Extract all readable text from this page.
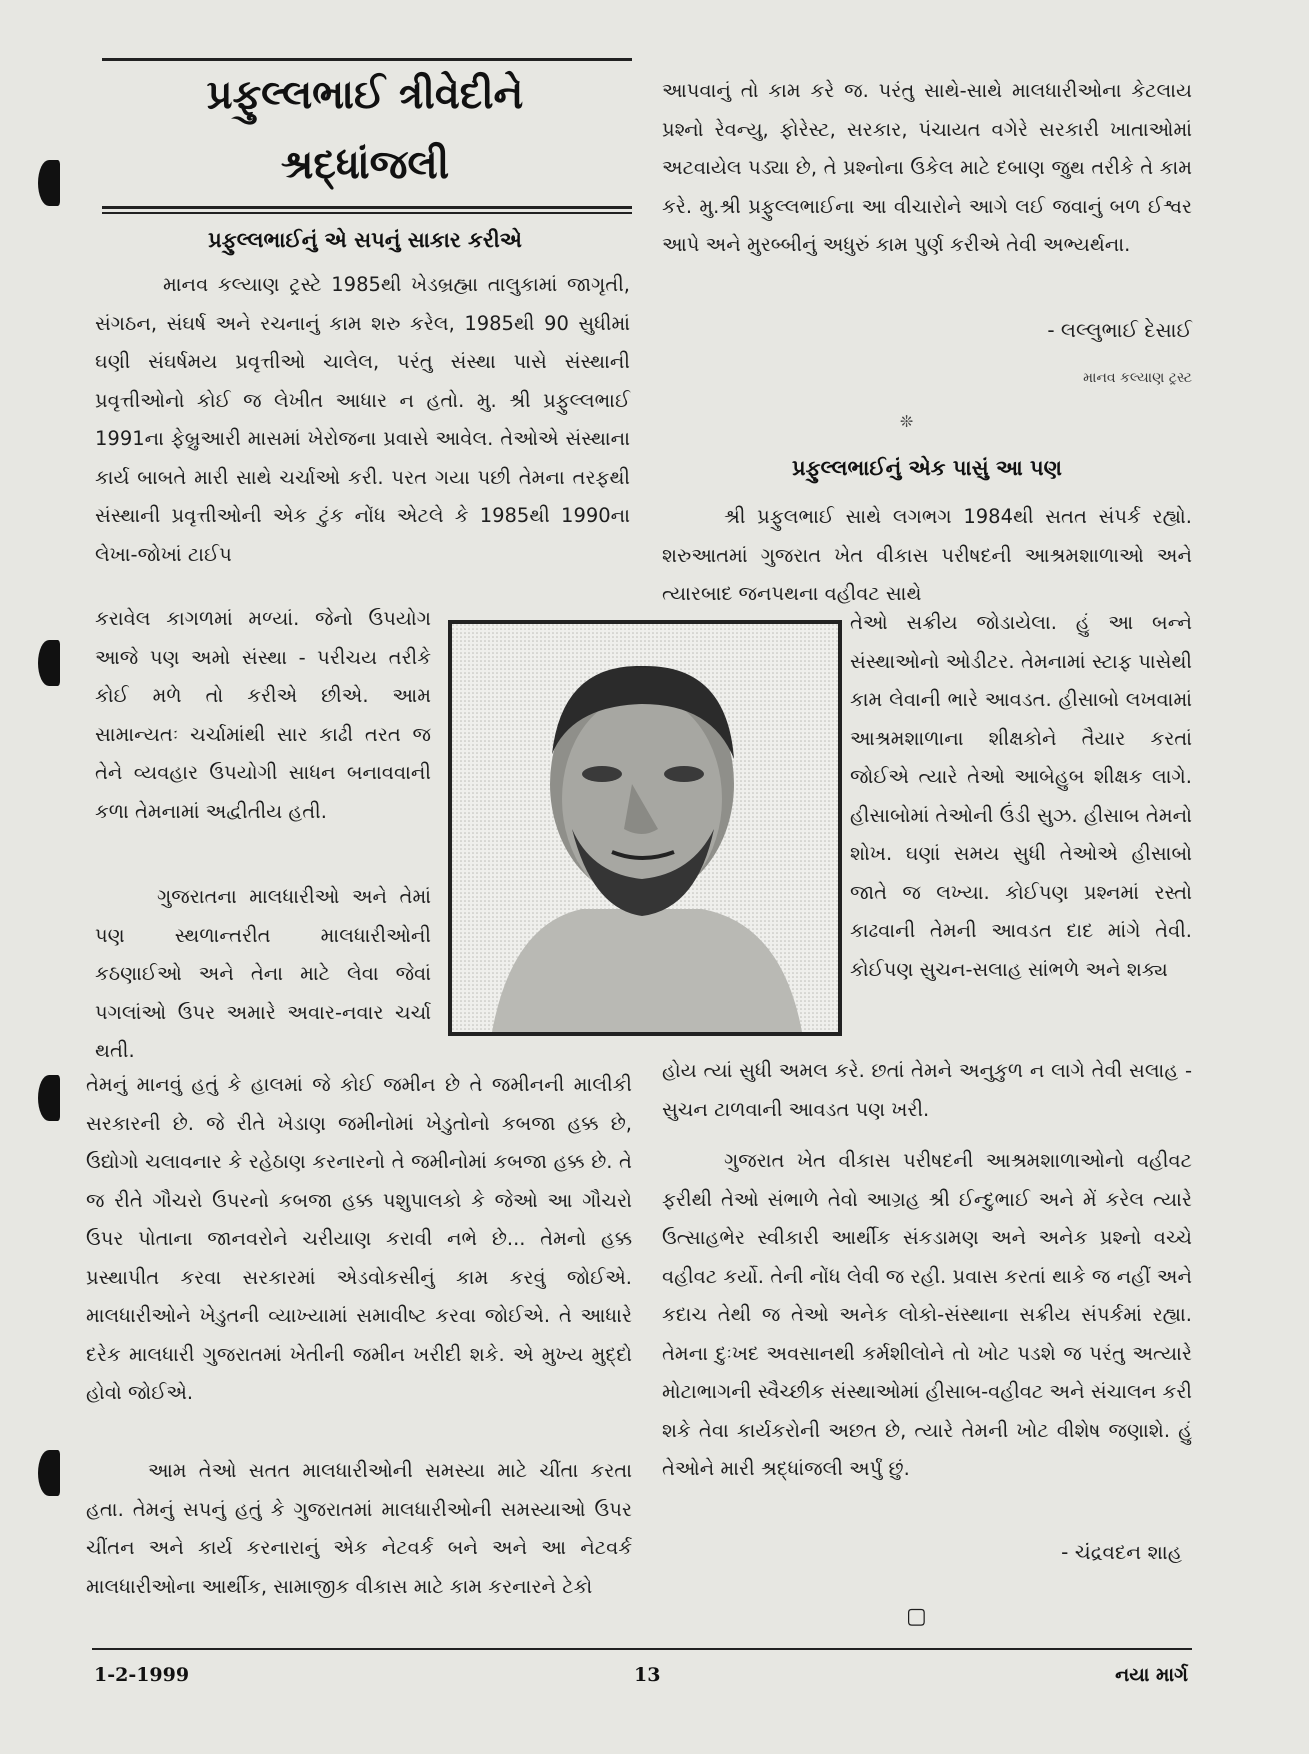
પ્રફુલ્લભાઈ ત્રીવેદીને
શ્રદ્ધાંજલી
પ્રફુલ્લભાઈનું એ સપનું સાકાર કરીએ

માનવ કલ્યાણ ટ્રસ્ટે 1985થી ખેડબ્રહ્મા તાલુકામાં જાગૃતી, સંગઠન, સંઘર્ષ અને રચનાનું કામ શરુ કરેલ, 1985થી 90 સુધીમાં ઘણી સંઘર્ષમય પ્રવૃત્તીઓ ચાલેલ, પરંતુ સંસ્થા પાસે સંસ્થાની પ્રવૃત્તીઓનો કોઈ જ લેખીત આધાર ન હતો. મુ. શ્રી પ્રફુલ્લભાઈ 1991ના ફેબ્રુઆરી માસમાં ખેરોજના પ્રવાસે આવેલ. તેઓએ સંસ્થાના કાર્ય બાબતે મારી સાથે ચર્ચાઓ કરી. પરત ગયા પછી તેમના તરફથી સંસ્થાની પ્રવૃત્તીઓની એક ટુંક નોંધ એટલે કે 1985થી 1990ના લેખા-જોખાં ટાઈપ

કરાવેલ કાગળમાં મળ્યાં. જેનો ઉપયોગ આજે પણ અમો સંસ્થા - પરીચય તરીકે કોઈ મળે તો કરીએ છીએ. આમ સામાન્યતઃ ચર્ચામાંથી સાર કાઢી તરત જ તેને વ્યવહાર ઉપયોગી સાધન બનાવવાની કળા તેમનામાં અદ્વીતીય હતી.

ગુજરાતના માલધારીઓ અને તેમાં પણ સ્થળાન્તરીત માલધારીઓની કઠણાઈઓ અને તેના માટે લેવા જેવાં પગલાંઓ ઉપર અમારે અવાર-નવાર ચર્ચા થતી.

તેમનું માનવું હતું કે હાલમાં જે કોઈ જમીન છે તે જમીનની માલીકી સરકારની છે. જે રીતે ખેડાણ જમીનોમાં ખેડુતોનો કબજા હક્ક છે, ઉદ્યોગો ચલાવનાર કે રહેઠાણ કરનારનો તે જમીનોમાં કબજા હક્ક છે. તે જ રીતે ગૌચરો ઉપરનો કબજા હક્ક પશુપાલકો કે જેઓ આ ગૌચરો ઉપર પોતાના જાનવરોને ચરીયાણ કરાવી નભે છે... તેમનો હક્ક પ્રસ્થાપીત કરવા સરકારમાં એડવોકસીનું કામ કરવું જોઈએ. માલધારીઓને ખેડુતની વ્યાખ્યામાં સમાવીષ્ટ કરવા જોઈએ. તે આધારે દરેક માલધારી ગુજરાતમાં ખેતીની જમીન ખરીદી શકે. એ મુખ્ય મુદ્દો હોવો જોઈએ.

આમ તેઓ સતત માલધારીઓની સમસ્યા માટે ચીંતા કરતા હતા. તેમનું સપનું હતું કે ગુજરાતમાં માલધારીઓની સમસ્યાઓ ઉપર ચીંતન અને કાર્ય કરનારાનું એક નેટવર્ક બને અને આ નેટવર્ક માલધારીઓના આર્થીક, સામાજીક વીકાસ માટે કામ કરનારને ટેકો

આપવાનું તો કામ કરે જ. પરંતુ સાથે-સાથે માલધારીઓના કેટલાય પ્રશ્નો રેવન્યુ, ફોરેસ્ટ, સરકાર, પંચાયત વગેરે સરકારી ખાતાઓમાં અટવાયેલ પડ્યા છે, તે પ્રશ્નોના ઉકેલ માટે દબાણ જુથ તરીકે તે કામ કરે. મુ.શ્રી પ્રફુલ્લભાઈના આ વીચારોને આગે લઈ જવાનું બળ ઈશ્વર આપે અને મુરબ્બીનું અધુરું કામ પુર્ણ કરીએ તેવી અભ્યર્થના.

- લલ્લુભાઈ દેસાઈ
માનવ કલ્યાણ ટ્રસ્ટ
❊
પ્રફુલ્લભાઈનું એક પાસું આ પણ

શ્રી પ્રફુલભાઈ સાથે લગભગ 1984થી સતત સંપર્ક રહ્યો. શરુઆતમાં ગુજરાત ખેત વીકાસ પરીષદની આશ્રમશાળાઓ અને ત્યારબાદ જનપથના વહીવટ સાથે

તેઓ સક્રીય જોડાયેલા. હું આ બન્ને સંસ્થાઓનો ઓડીટર. તેમનામાં સ્ટાફ પાસેથી કામ લેવાની ભારે આવડત. હીસાબો લખવામાં આશ્રમશાળાના શીક્ષકોને તૈયાર કરતાં જોઈએ ત્યારે તેઓ આબેહુબ શીક્ષક લાગે. હીસાબોમાં તેઓની ઉંડી સુઝ. હીસાબ તેમનો શોખ. ઘણાં સમય સુધી તેઓએ હીસાબો જાતે જ લખ્યા. કોઈપણ પ્રશ્નમાં રસ્તો કાઢવાની તેમની આવડત દાદ માંગે તેવી. કોઈપણ સુચન-સલાહ સાંભળે અને શક્ય

હોય ત્યાં સુધી અમલ કરે. છતાં તેમને અનુકુળ ન લાગે તેવી સલાહ - સુચન ટાળવાની આવડત પણ ખરી.

ગુજરાત ખેત વીકાસ પરીષદની આશ્રમશાળાઓનો વહીવટ ફરીથી તેઓ સંભાળે તેવો આગ્રહ શ્રી ઈન્દુભાઈ અને મેં કરેલ ત્યારે ઉત્સાહભેર સ્વીકારી આર્થીક સંકડામણ અને અનેક પ્રશ્નો વચ્ચે વહીવટ કર્યો. તેની નોંધ લેવી જ રહી. પ્રવાસ કરતાં થાકે જ નહીં અને કદાચ તેથી જ તેઓ અનેક લોકો-સંસ્થાના સક્રીય સંપર્કમાં રહ્યા. તેમના દુઃખદ અવસાનથી કર્મશીલોને તો ખોટ પડશે જ પરંતુ અત્યારે મોટાભાગની સ્વૈચ્છીક સંસ્થાઓમાં હીસાબ-વહીવટ અને સંચાલન કરી શકે તેવા કાર્યકરોની અછત છે, ત્યારે તેમની ખોટ વીશેષ જણાશે. હું તેઓને મારી શ્રદ્ધાંજલી અર્પું છું.

- ચંદ્રવદન શાહ
▢
1-2-1999	13	નયા માર્ગ
